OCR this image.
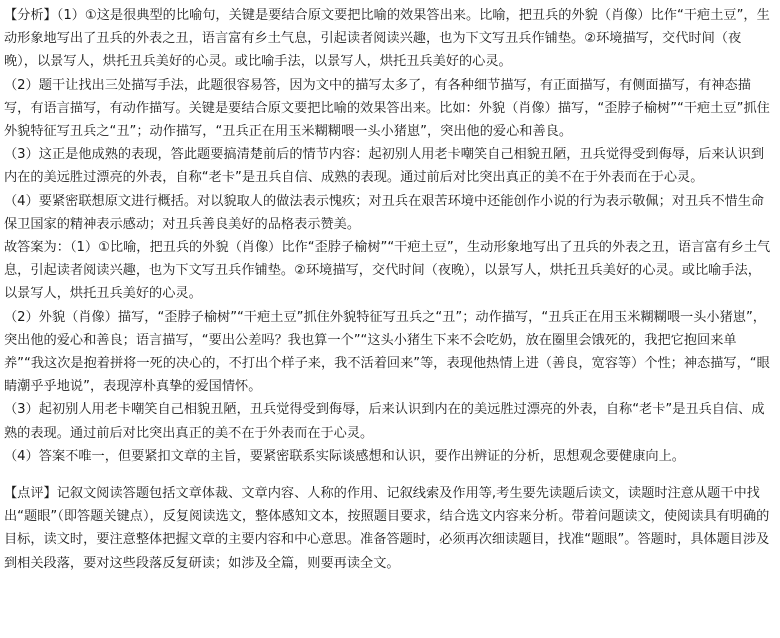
【分析】（1）①这是很典型的比喻句，关键是要结合原文要把比喻的效果答出来。比喻，把丑兵的外貌（肖像）比作“干疤土豆”，生动形象地写出了丑兵的外表之丑，语言富有乡土气息，引起读者阅读兴趣，也为下文写丑兵作铺垫。②环境描写，交代时间（夜晚），以景写人，烘托丑兵美好的心灵。或比喻手法，以景写人，烘托丑兵美好的心灵。

（2）题干让找出三处描写手法，此题很容易答，因为文中的描写太多了，有各种细节描写，有正面描写，有侧面描写，有神态描写，有语言描写，有动作描写。关键是要结合原文要把比喻的效果答出来。比如：外貌（肖像）描写，“歪脖子榆树”“干疤土豆”抓住外貌特征写丑兵之“丑”；动作描写，“丑兵正在用玉米糊糊喂一头小猪崽”，突出他的爱心和善良。

（3）这正是他成熟的表现，答此题要搞清楚前后的情节内容：起初别人用老卡嘲笑自己相貌丑陋，丑兵觉得受到侮辱，后来认识到内在的美远胜过漂亮的外表，自称“老卡”是丑兵自信、成熟的表现。通过前后对比突出真正的美不在于外表而在于心灵。

（4）要紧密联想原文进行概括。对以貌取人的做法表示愧疚；对丑兵在艰苦环境中还能创作小说的行为表示敬佩；对丑兵不惜生命保卫国家的精神表示感动；对丑兵善良美好的品格表示赞美。

故答案为：（1）①比喻，把丑兵的外貌（肖像）比作“歪脖子榆树”“干疤土豆”，生动形象地写出了丑兵的外表之丑，语言富有乡土气息，引起读者阅读兴趣，也为下文写丑兵作铺垫。②环境描写，交代时间（夜晚），以景写人，烘托丑兵美好的心灵。或比喻手法，以景写人，烘托丑兵美好的心灵。

（2）外貌（肖像）描写，“歪脖子榆树”“干疤土豆”抓住外貌特征写丑兵之“丑”；动作描写，“丑兵正在用玉米糊糊喂一头小猪崽”，突出他的爱心和善良；语言描写，“要出公差吗？我也算一个”“这头小猪生下来不会吃奶，放在圈里会饿死的，我把它抱回来单养”“我这次是抱着拼将一死的决心的，不打出个样子来，我不活着回来”等，表现他热情上进（善良，宽容等）个性；神态描写，“眼睛潮乎乎地说”，表现淳朴真挚的爱国情怀。

（3）起初别人用老卡嘲笑自己相貌丑陋，丑兵觉得受到侮辱，后来认识到内在的美远胜过漂亮的外表，自称“老卡”是丑兵自信、成熟的表现。通过前后对比突出真正的美不在于外表而在于心灵。

（4）答案不唯一，但要紧扣文章的主旨，要紧密联系实际谈感想和认识，要作出辨证的分析，思想观念要健康向上。

【点评】记叙文阅读答题包括文章体裁、文章内容、人称的作用、记叙线索及作用等,考生要先读题后读文，读题时注意从题干中找出“题眼”（即答题关键点），反复阅读选文，整体感知文本，按照题目要求，结合选文内容来分析。带着问题读文，使阅读具有明确的目标，读文时，要注意整体把握文章的主要内容和中心意思。准备答题时，必须再次细读题目，找准“题眼”。答题时，具体题目涉及到相关段落，要对这些段落反复研读；如涉及全篇，则要再读全文。
